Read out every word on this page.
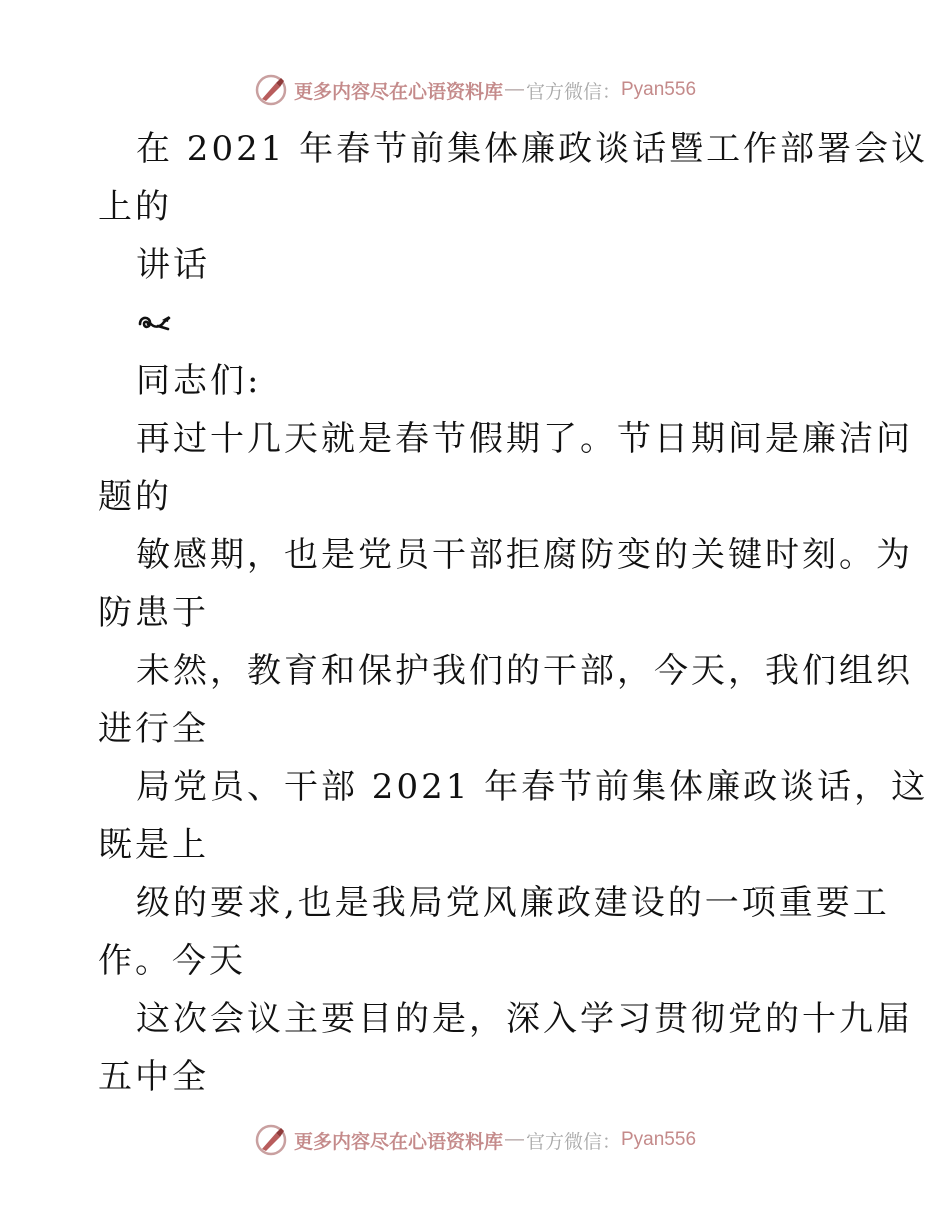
更多内容尽在心语资料库 — 官方微信： Pyan556
在 2021 年春节前集体廉政谈话暨工作部署会议
上的
讲话
同志们:
再过十几天就是春节假期了。节日期间是廉洁问
题的
敏感期，也是党员干部拒腐防变的关键时刻。为
防患于
未然，教育和保护我们的干部，今天，我们组织
进行全
局党员、干部 2021 年春节前集体廉政谈话，这
既是上
级的要求,也是我局党风廉政建设的一项重要工
作。今天
这次会议主要目的是，深入学习贯彻党的十九届
五中全
更多内容尽在心语资料库 — 官方微信： Pyan556
